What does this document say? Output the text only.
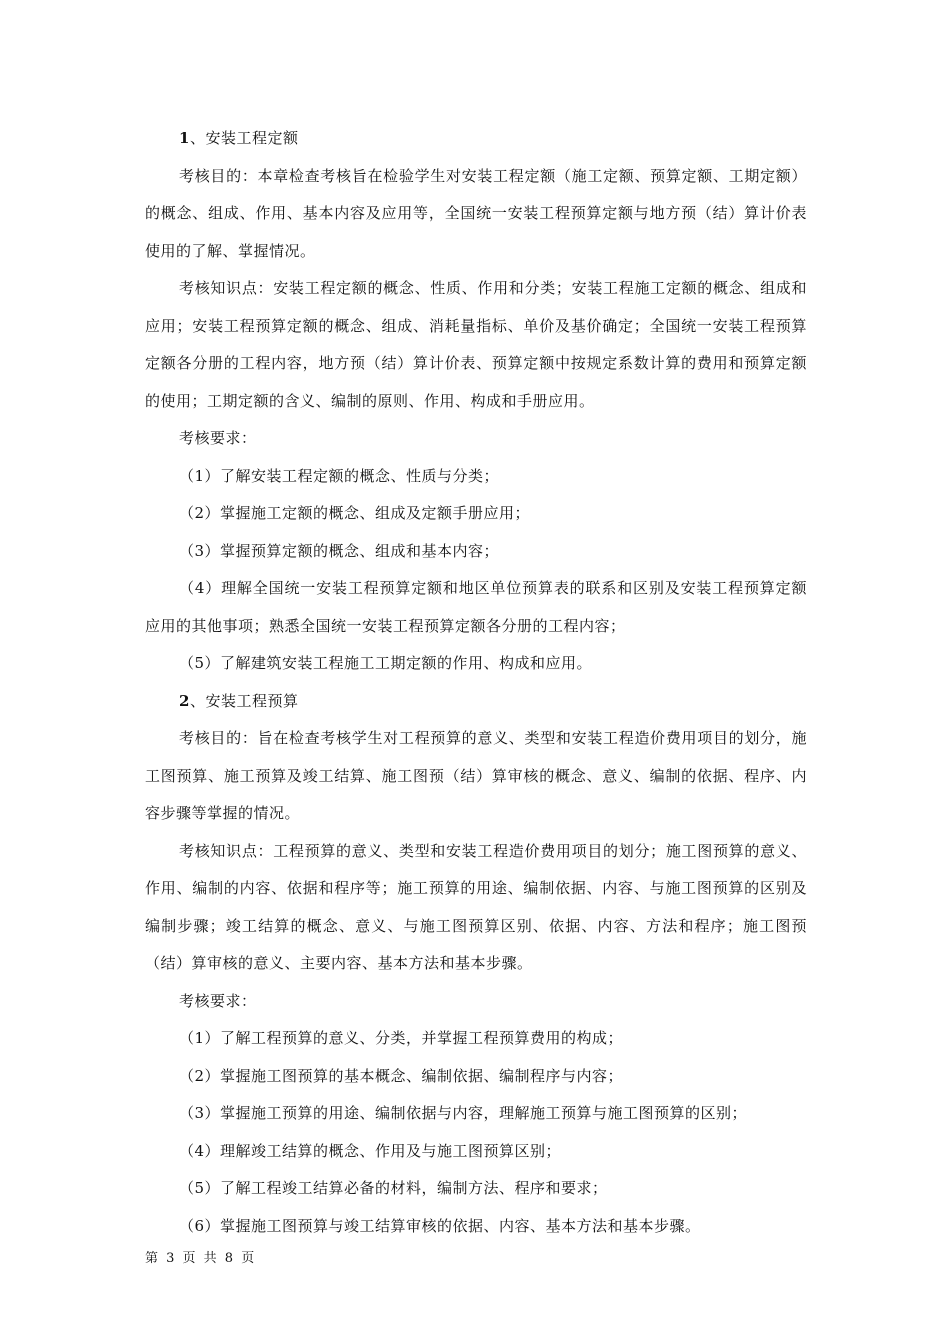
1、安装工程定额

考核目的：本章检查考核旨在检验学生对安装工程定额（施工定额、预算定额、工期定额）的概念、组成、作用、基本内容及应用等，全国统一安装工程预算定额与地方预（结）算计价表使用的了解、掌握情况。

考核知识点：安装工程定额的概念、性质、作用和分类；安装工程施工定额的概念、组成和应用；安装工程预算定额的概念、组成、消耗量指标、单价及基价确定；全国统一安装工程预算定额各分册的工程内容，地方预（结）算计价表、预算定额中按规定系数计算的费用和预算定额的使用；工期定额的含义、编制的原则、作用、构成和手册应用。

考核要求：

（1）了解安装工程定额的概念、性质与分类；

（2）掌握施工定额的概念、组成及定额手册应用；

（3）掌握预算定额的概念、组成和基本内容；

（4）理解全国统一安装工程预算定额和地区单位预算表的联系和区别及安装工程预算定额应用的其他事项；熟悉全国统一安装工程预算定额各分册的工程内容；

（5）了解建筑安装工程施工工期定额的作用、构成和应用。

2、安装工程预算

考核目的：旨在检查考核学生对工程预算的意义、类型和安装工程造价费用项目的划分，施工图预算、施工预算及竣工结算、施工图预（结）算审核的概念、意义、编制的依据、程序、内容步骤等掌握的情况。

考核知识点：工程预算的意义、类型和安装工程造价费用项目的划分；施工图预算的意义、作用、编制的内容、依据和程序等；施工预算的用途、编制依据、内容、与施工图预算的区别及编制步骤；竣工结算的概念、意义、与施工图预算区别、依据、内容、方法和程序；施工图预（结）算审核的意义、主要内容、基本方法和基本步骤。

考核要求：

（1）了解工程预算的意义、分类，并掌握工程预算费用的构成；

（2）掌握施工图预算的基本概念、编制依据、编制程序与内容；

（3）掌握施工预算的用途、编制依据与内容，理解施工预算与施工图预算的区别；

（4）理解竣工结算的概念、作用及与施工图预算区别；

（5）了解工程竣工结算必备的材料，编制方法、程序和要求；

（6）掌握施工图预算与竣工结算审核的依据、内容、基本方法和基本步骤。

第 3 页 共 8 页
